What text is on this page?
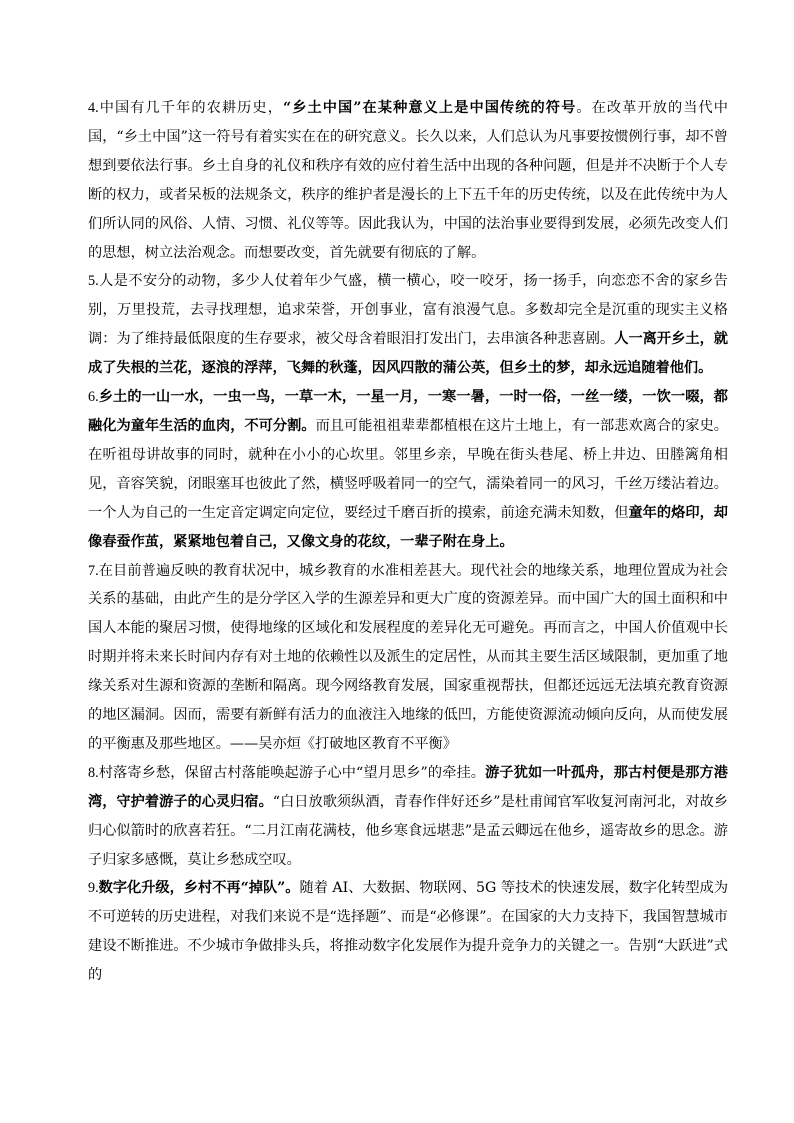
4.中国有几千年的农耕历史，“乡土中国”在某种意义上是中国传统的符号。在改革开放的当代中国，“乡土中国”这一符号有着实实在在的研究意义。长久以来，人们总认为凡事要按惯例行事，却不曾想到要依法行事。乡土自身的礼仪和秩序有效的应付着生活中出现的各种问题，但是并不决断于个人专断的权力，或者呆板的法规条文，秩序的维护者是漫长的上下五千年的历史传统，以及在此传统中为人们所认同的风俗、人情、习惯、礼仪等等。因此我认为，中国的法治事业要得到发展，必须先改变人们的思想，树立法治观念。而想要改变，首先就要有彻底的了解。

5.人是不安分的动物，多少人仗着年少气盛，横一横心，咬一咬牙，扬一扬手，向恋恋不舍的家乡告别，万里投荒，去寻找理想，追求荣誉，开创事业，富有浪漫气息。多数却完全是沉重的现实主义格调：为了维持最低限度的生存要求，被父母含着眼泪打发出门，去串演各种悲喜剧。人一离开乡土，就成了失根的兰花，逐浪的浮萍，飞舞的秋蓬，因风四散的蒲公英，但乡土的梦，却永远追随着他们。

6.乡土的一山一水，一虫一鸟，一草一木，一星一月，一寒一暑，一时一俗，一丝一缕，一饮一啜，都融化为童年生活的血肉，不可分割。而且可能祖祖辈辈都植根在这片土地上，有一部悲欢离合的家史。在听祖母讲故事的同时，就种在小小的心坎里。邻里乡亲，早晚在街头巷尾、桥上井边、田塍篱角相见，音容笑貌，闭眼塞耳也彼此了然，横竖呼吸着同一的空气，濡染着同一的风习，千丝万缕沾着边。一个人为自己的一生定音定调定向定位，要经过千磨百折的摸索，前途充满未知数，但童年的烙印，却像春蚕作茧，紧紧地包着自己，又像文身的花纹，一辈子附在身上。

7.在目前普遍反映的教育状况中，城乡教育的水准相差甚大。现代社会的地缘关系，地理位置成为社会关系的基础，由此产生的是分学区入学的生源差异和更大广度的资源差异。而中国广大的国土面积和中国人本能的聚居习惯，使得地缘的区域化和发展程度的差异化无可避免。再而言之，中国人价值观中长时期并将未来长时间内存有对土地的依赖性以及派生的定居性，从而其主要生活区域限制，更加重了地缘关系对生源和资源的垄断和隔离。现今网络教育发展，国家重视帮扶，但都还远远无法填充教育资源的地区漏洞。因而，需要有新鲜有活力的血液注入地缘的低凹，方能使资源流动倾向反向，从而使发展的平衡惠及那些地区。——吴亦烜《打破地区教育不平衡》

8.村落寄乡愁，保留古村落能唤起游子心中“望月思乡”的牵挂。游子犹如一叶孤舟，那古村便是那方港湾，守护着游子的心灵归宿。“白日放歌须纵酒，青春作伴好还乡”是杜甫闻官军收复河南河北，对故乡归心似箭时的欣喜若狂。“二月江南花满枝，他乡寒食远堪悲”是孟云卿远在他乡，遥寄故乡的思念。游子归家多感慨，莫让乡愁成空叹。

9.数字化升级，乡村不再“掉队”。随着 AI、大数据、物联网、5G 等技术的快速发展，数字化转型成为不可逆转的历史进程，对我们来说不是“选择题”、而是“必修课”。在国家的大力支持下，我国智慧城市建设不断推进。不少城市争做排头兵，将推动数字化发展作为提升竞争力的关键之一。告别“大跃进”式的
